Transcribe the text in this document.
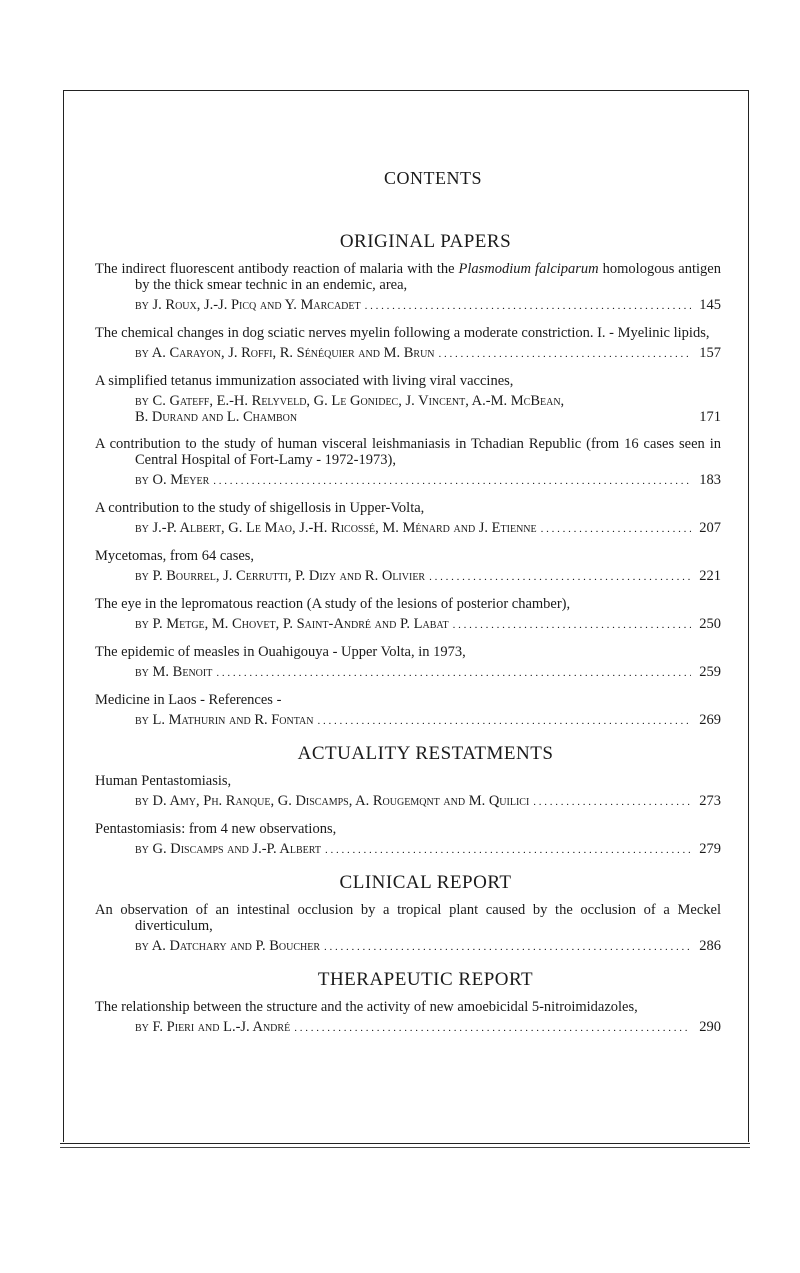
CONTENTS
ORIGINAL PAPERS
The indirect fluorescent antibody reaction of malaria with the Plasmodium falciparum homologous antigen by the thick smear technic in an endemic, area,
by J. Roux, J.-J. Picq and Y. Marcadet . . .	145
The chemical changes in dog sciatic nerves myelin following a moderate constriction. I. - Myelinic lipids,
by A. Carayon, J. Roffi, R. Sénéquier and M. Brun . . .	157
A simplified tetanus immunization associated with living viral vaccines,
by C. Gateff, E.-H. Relyveld, G. Le Gonidec, J. Vincent, A.-M. McBean,
B. Durand and L. Chambon	171
A contribution to the study of human visceral leishmaniasis in Tchadian Republic (from 16 cases seen in Central Hospital of Fort-Lamy - 1972-1973),
by O. Meyer . . .	183
A contribution to the study of shigellosis in Upper-Volta,
by J.-P. Albert, G. Le Mao, J.-H. Ricossé, M. Ménard and J. Etienne . . .	207
Mycetomas, from 64 cases,
by P. Bourrel, J. Cerrutti, P. Dizy and R. Olivier . . .	221
The eye in the lepromatous reaction (A study of the lesions of posterior chamber),
by P. Metge, M. Chovet, P. Saint-André and P. Labat . . .	250
The epidemic of measles in Ouahigouya - Upper Volta, in 1973,
by M. Benoit . . .	259
Medicine in Laos - References -
by L. Mathurin and R. Fontan . . .	269
ACTUALITY RESTATMENTS
Human Pentastomiasis,
by D. Amy, Ph. Ranque, G. Discamps, A. Rougemqnt and M. Quilici . . .	273
Pentastomiasis: from 4 new observations,
by G. Discamps and J.-P. Albert . . .	279
CLINICAL REPORT
An observation of an intestinal occlusion by a tropical plant caused by the occlusion of a Meckel diverticulum,
by A. Datchary and P. Boucher . . .	286
THERAPEUTIC REPORT
The relationship between the structure and the activity of new amoebicidal 5-nitroimidazoles,
by F. Pieri and L.-J. André . . .	290
